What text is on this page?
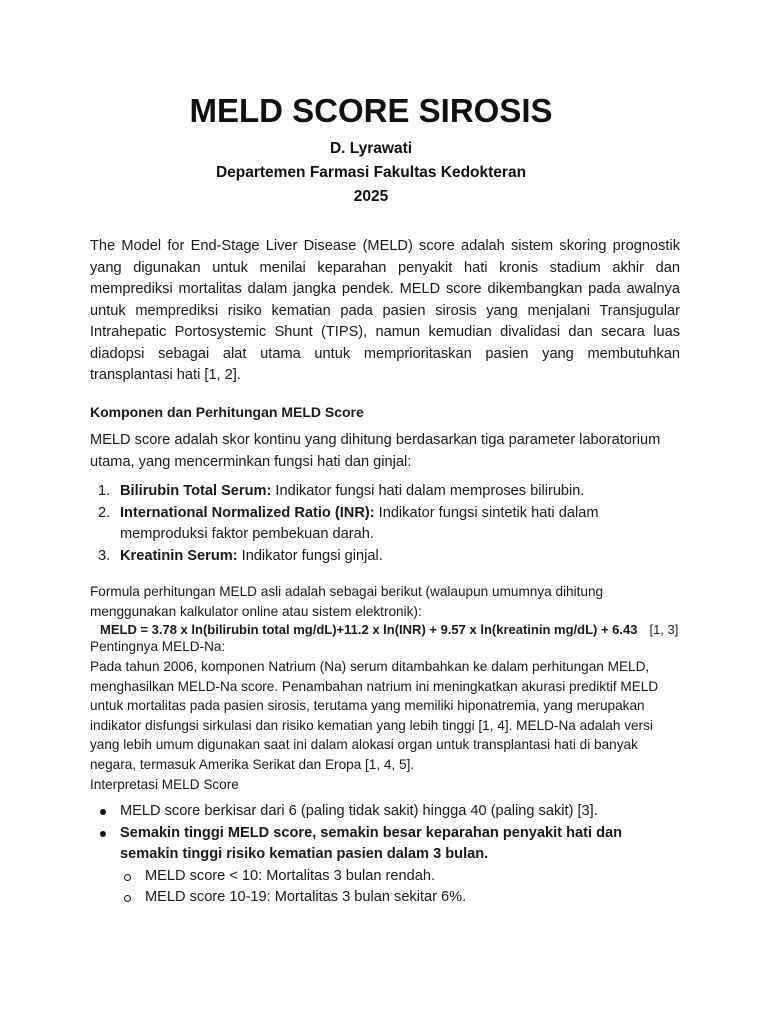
MELD SCORE SIROSIS
D. Lyrawati
Departemen Farmasi Fakultas Kedokteran
2025

The Model for End-Stage Liver Disease (MELD) score adalah sistem skoring prognostik yang digunakan untuk menilai keparahan penyakit hati kronis stadium akhir dan memprediksi mortalitas dalam jangka pendek. MELD score dikembangkan pada awalnya untuk memprediksi risiko kematian pada pasien sirosis yang menjalani Transjugular Intrahepatic Portosystemic Shunt (TIPS), namun kemudian divalidasi dan secara luas diadopsi sebagai alat utama untuk memprioritaskan pasien yang membutuhkan transplantasi hati [1, 2].

Komponen dan Perhitungan MELD Score

MELD score adalah skor kontinu yang dihitung berdasarkan tiga parameter laboratorium utama, yang mencerminkan fungsi hati dan ginjal:

1. Bilirubin Total Serum: Indikator fungsi hati dalam memproses bilirubin.
2. International Normalized Ratio (INR): Indikator fungsi sintetik hati dalam memproduksi faktor pembekuan darah.
3. Kreatinin Serum: Indikator fungsi ginjal.

Formula perhitungan MELD asli adalah sebagai berikut (walaupun umumnya dihitung menggunakan kalkulator online atau sistem elektronik):

MELD = 3.78 x ln(bilirubin total mg/dL)+11.2 x ln(INR) + 9.57 x ln(kreatinin mg/dL) + 6.43 [1, 3]
Pentingnya MELD-Na:

Pada tahun 2006, komponen Natrium (Na) serum ditambahkan ke dalam perhitungan MELD, menghasilkan MELD-Na score. Penambahan natrium ini meningkatkan akurasi prediktif MELD untuk mortalitas pada pasien sirosis, terutama yang memiliki hiponatremia, yang merupakan indikator disfungsi sirkulasi dan risiko kematian yang lebih tinggi [1, 4]. MELD-Na adalah versi yang lebih umum digunakan saat ini dalam alokasi organ untuk transplantasi hati di banyak negara, termasuk Amerika Serikat dan Eropa [1, 4, 5].

Interpretasi MELD Score
MELD score berkisar dari 6 (paling tidak sakit) hingga 40 (paling sakit) [3].
Semakin tinggi MELD score, semakin besar keparahan penyakit hati dan semakin tinggi risiko kematian pasien dalam 3 bulan.
MELD score < 10: Mortalitas 3 bulan rendah.
MELD score 10-19: Mortalitas 3 bulan sekitar 6%.
